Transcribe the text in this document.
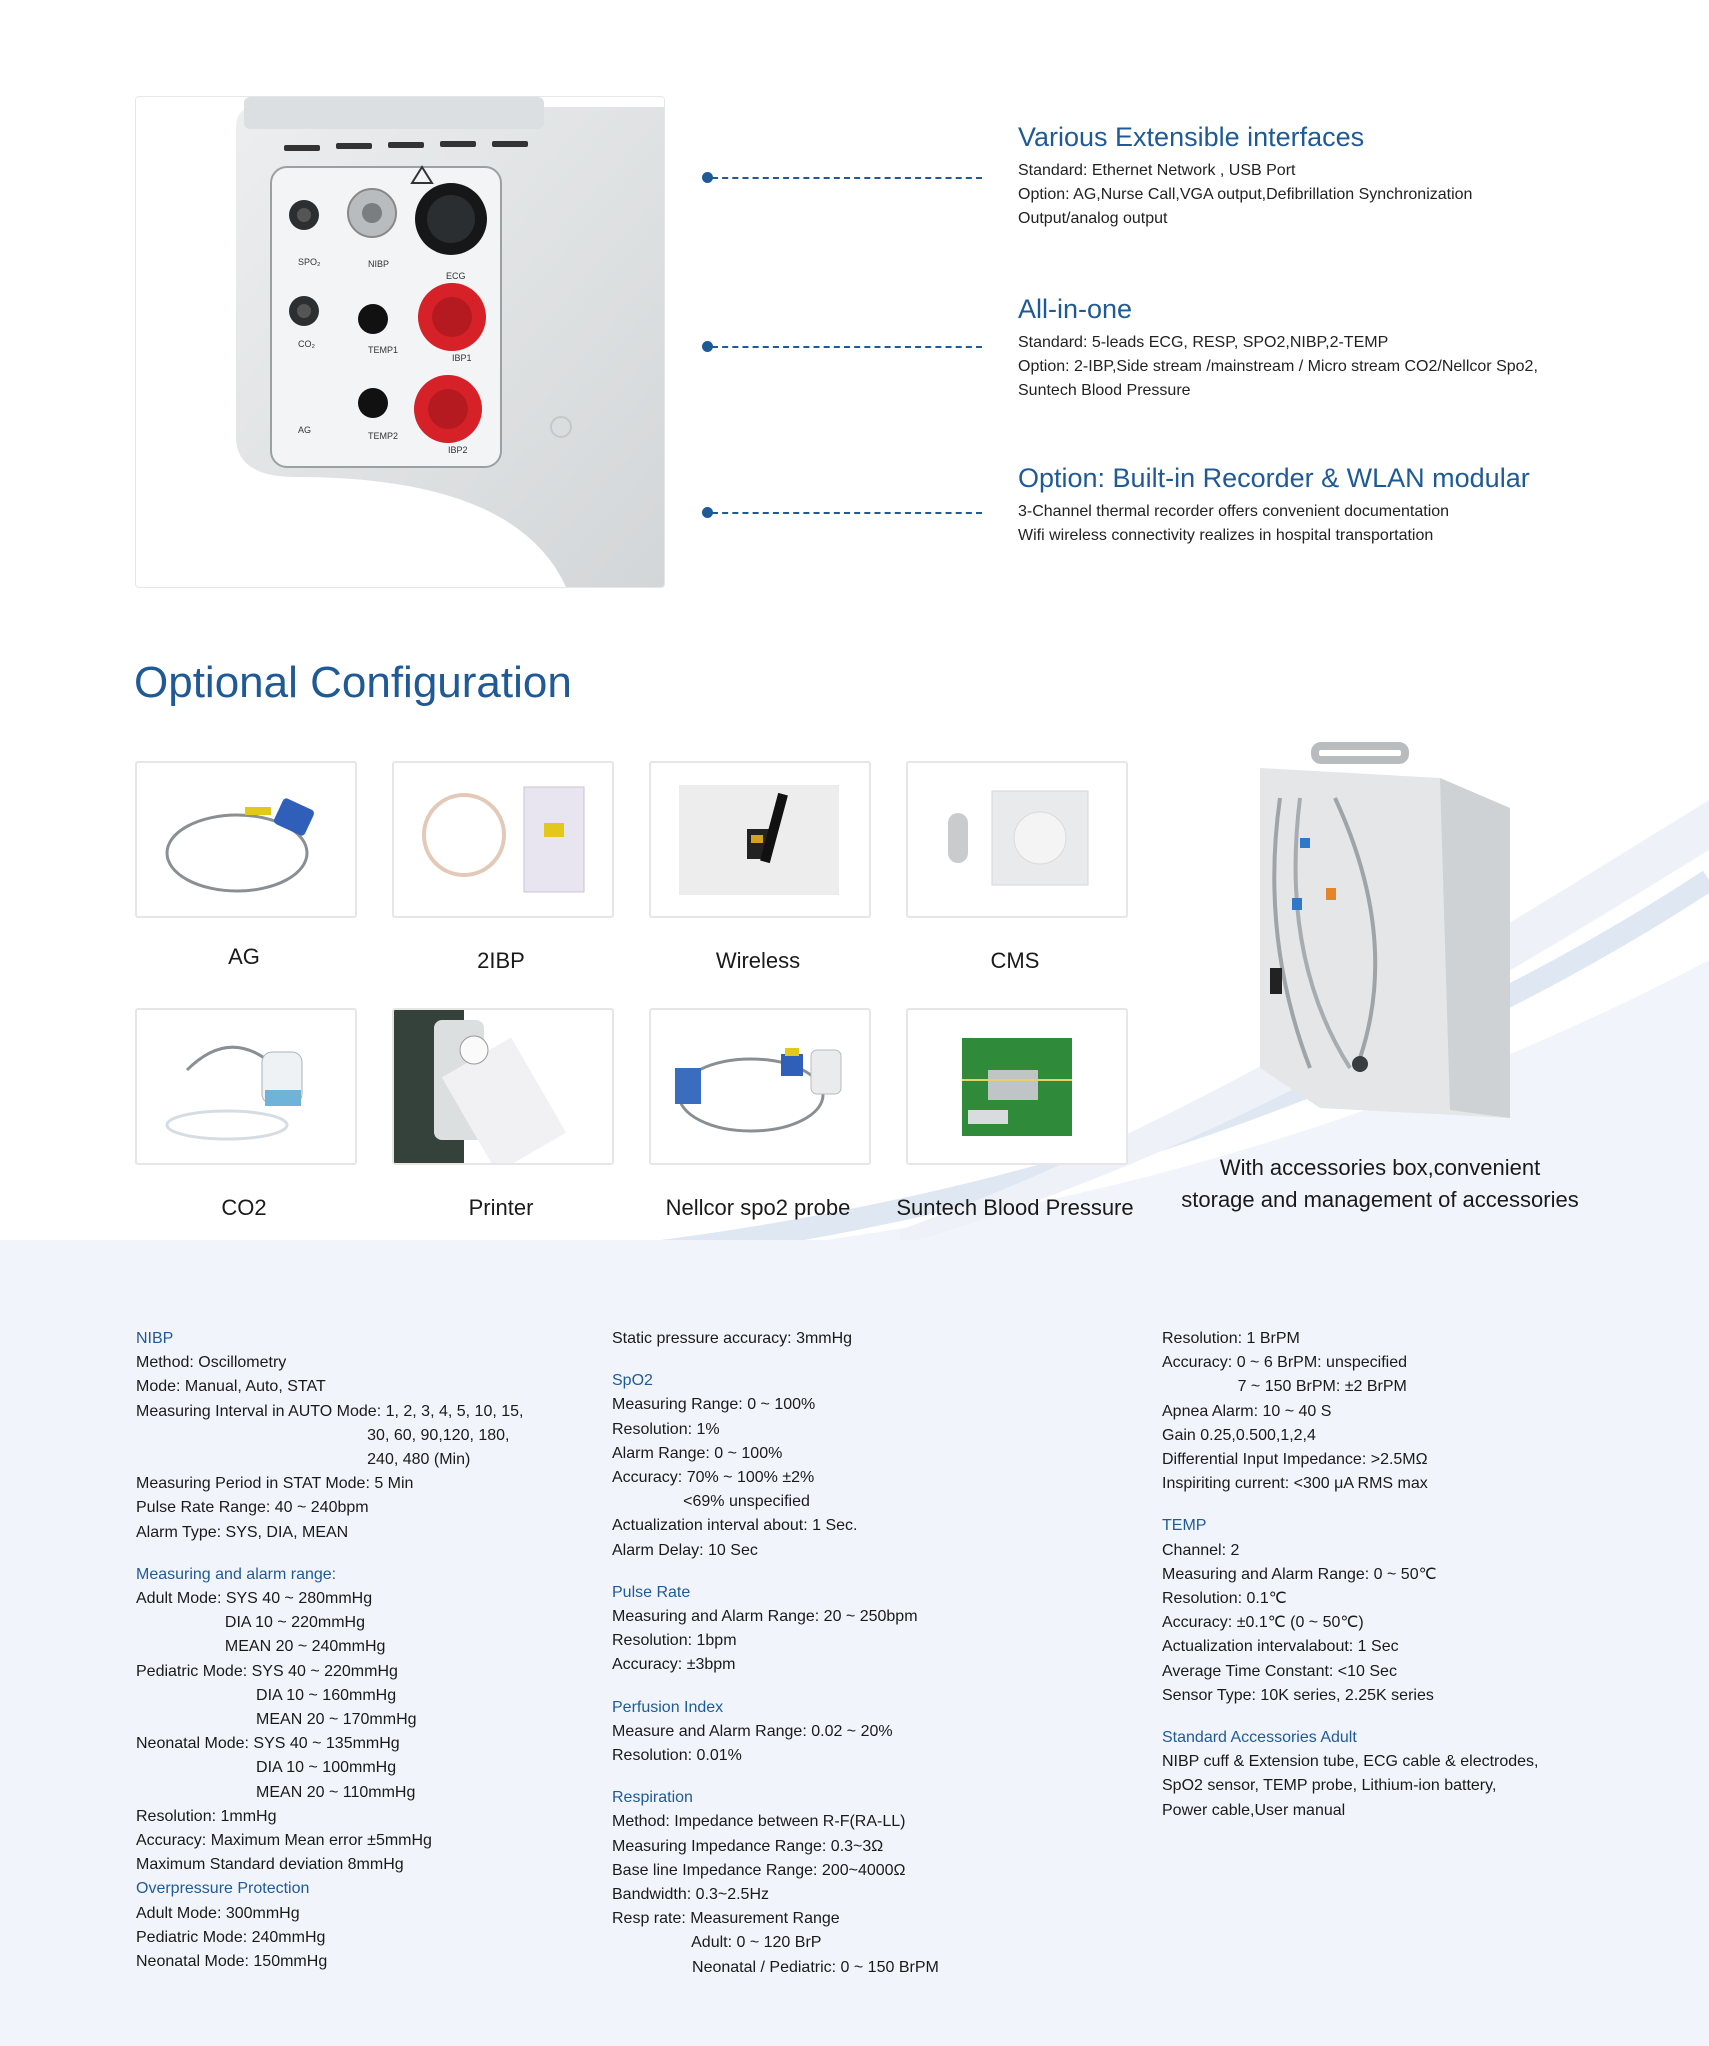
SPO₂	NIBP
ECG
CO₂
TEMP1
IBP1
AG
TEMP2
IBP2
Various Extensible interfaces
Standard: Ethernet Network , USB Port
Option: AG,Nurse Call,VGA output,Defibrillation Synchronization
Output/analog output
All-in-one
Standard: 5-leads ECG, RESP, SPO2,NIBP,2-TEMP
Option: 2-IBP,Side stream /mainstream / Micro stream CO2/Nellcor Spo2,
Suntech Blood Pressure
Option: Built-in Recorder & WLAN modular
3-Channel thermal recorder offers convenient documentation
Wifi wireless connectivity realizes in hospital transportation
Optional Configuration
AG	2IBP	Wireless	CMS
CO2	Printer	Nellcor spo2 probe	Suntech Blood Pressure
With accessories box,convenient
storage and management of accessories
NIBP
Method: Oscillometry
Mode: Manual, Auto, STAT
Measuring Interval in AUTO Mode: 1, 2, 3, 4, 5, 10, 15,
30, 60, 90,120, 180,
240, 480 (Min)
Measuring Period in STAT Mode: 5 Min
Pulse Rate Range: 40 ~ 240bpm
Alarm Type: SYS, DIA, MEAN
Measuring and alarm range:
Adult Mode: SYS 40 ~ 280mmHg
DIA 10 ~ 220mmHg
MEAN 20 ~ 240mmHg
Pediatric Mode: SYS 40 ~ 220mmHg
DIA 10 ~ 160mmHg
MEAN 20 ~ 170mmHg
Neonatal Mode: SYS 40 ~ 135mmHg
DIA 10 ~ 100mmHg
MEAN 20 ~ 110mmHg
Resolution: 1mmHg
Accuracy: Maximum Mean error ±5mmHg
Maximum Standard deviation 8mmHg
Overpressure Protection
Adult Mode: 300mmHg
Pediatric Mode: 240mmHg
Neonatal Mode: 150mmHg
Static pressure accuracy: 3mmHg
SpO2
Measuring Range: 0 ~ 100%
Resolution: 1%
Alarm Range: 0 ~ 100%
Accuracy: 70% ~ 100% ±2%
<69% unspecified
Actualization interval about: 1 Sec.
Alarm Delay: 10 Sec
Pulse Rate
Measuring and Alarm Range: 20 ~ 250bpm
Resolution: 1bpm
Accuracy: ±3bpm
Perfusion Index
Measure and Alarm Range: 0.02 ~ 20%
Resolution: 0.01%
Respiration
Method: Impedance between R-F(RA-LL)
Measuring Impedance Range: 0.3~3Ω
Base line Impedance Range: 200~4000Ω
Bandwidth: 0.3~2.5Hz
Resp rate: Measurement Range
Adult: 0 ~ 120 BrP
Neonatal / Pediatric: 0 ~ 150 BrPM
Resolution: 1 BrPM
Accuracy: 0 ~ 6 BrPM: unspecified
7 ~ 150 BrPM: ±2 BrPM
Apnea Alarm: 10 ~ 40 S
Gain 0.25,0.500,1,2,4
Differential Input Impedance: >2.5MΩ
Inspiriting current: <300 μA RMS max
TEMP
Channel: 2
Measuring and Alarm Range: 0 ~ 50℃
Resolution: 0.1℃
Accuracy: ±0.1℃ (0 ~ 50℃)
Actualization intervalabout: 1 Sec
Average Time Constant: <10 Sec
Sensor Type: 10K series, 2.25K series
Standard Accessories Adult
NIBP cuff & Extension tube, ECG cable & electrodes,
SpO2 sensor, TEMP probe, Lithium-ion battery,
Power cable,User manual
